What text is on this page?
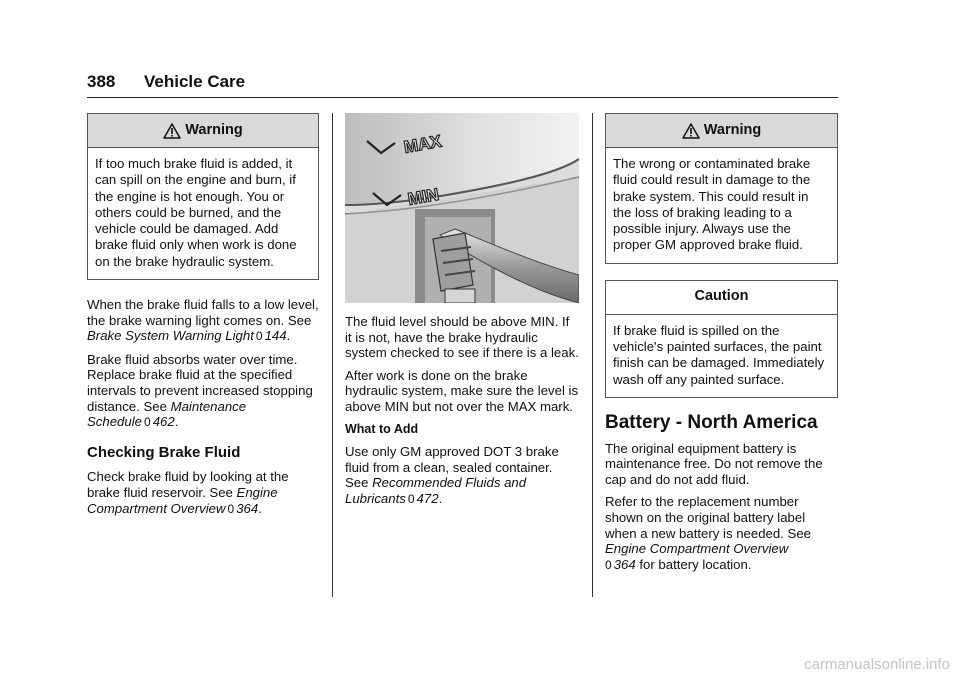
388 Vehicle Care
Warning
If too much brake fluid is added, it can spill on the engine and burn, if the engine is hot enough. You or others could be burned, and the vehicle could be damaged. Add brake fluid only when work is done on the brake hydraulic system.

When the brake fluid falls to a low level, the brake warning light comes on. See Brake System Warning Light 0 144.

Brake fluid absorbs water over time. Replace brake fluid at the specified intervals to prevent increased stopping distance. See Maintenance Schedule 0 462.

Checking Brake Fluid

Check brake fluid by looking at the brake fluid reservoir. See Engine Compartment Overview 0 364.

MAX
MIN

The fluid level should be above MIN. If it is not, have the brake hydraulic system checked to see if there is a leak.

After work is done on the brake hydraulic system, make sure the level is above MIN but not over the MAX mark.

What to Add

Use only GM approved DOT 3 brake fluid from a clean, sealed container. See Recommended Fluids and Lubricants 0 472.

Warning
The wrong or contaminated brake fluid could result in damage to the brake system. This could result in the loss of braking leading to a possible injury. Always use the proper GM approved brake fluid.
Caution
If brake fluid is spilled on the vehicle's painted surfaces, the paint finish can be damaged. Immediately wash off any painted surface.
Battery - North America

The original equipment battery is maintenance free. Do not remove the cap and do not add fluid.

Refer to the replacement number shown on the original battery label when a new battery is needed. See Engine Compartment Overview
0 364 for battery location.

carmanualsonline.info
